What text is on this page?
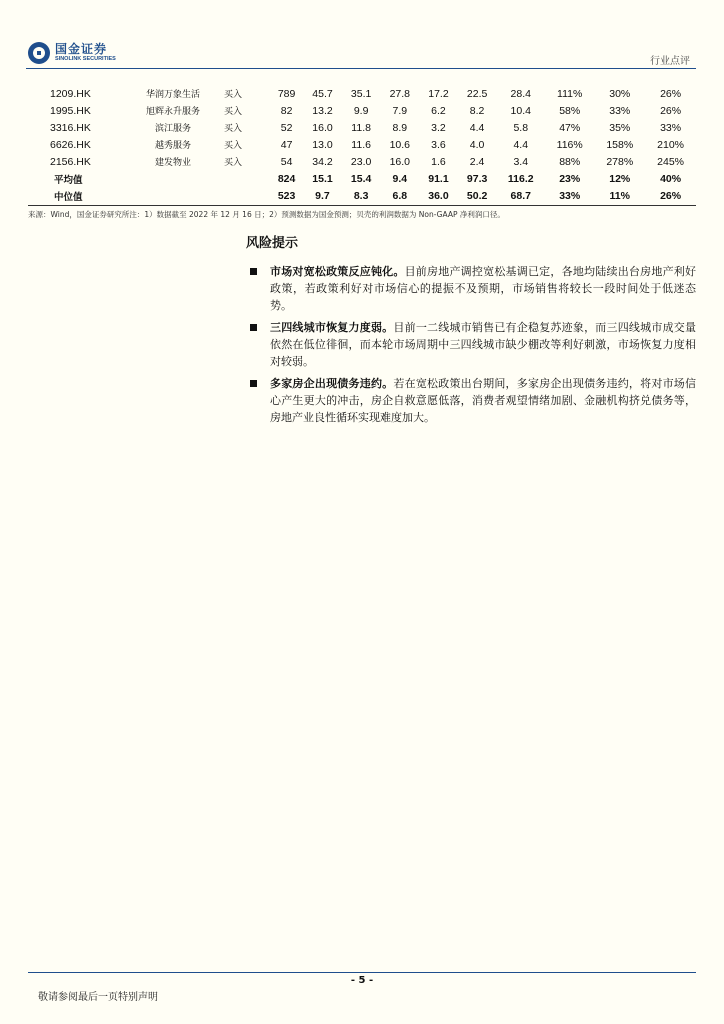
国金证券
SINOLINK SECURITIES	行业点评
1209.HK	华润万象生活	买入	789	45.7	35.1	27.8	17.2	22.5	28.4	111%	30%	26%
1995.HK	旭辉永升服务	买入	82	13.2	9.9	7.9	6.2	8.2	10.4	58%	33%	26%
3316.HK	滨江服务	买入	52	16.0	11.8	8.9	3.2	4.4	5.8	47%	35%	33%
6626.HK	越秀服务	买入	47	13.0	11.6	10.6	3.6	4.0	4.4	116%	158%	210%
2156.HK	建发物业	买入	54	34.2	23.0	16.0	1.6	2.4	3.4	88%	278%	245%
平均值			824	15.1	15.4	9.4	91.1	97.3	116.2	23%	12%	40%
中位值			523	9.7	8.3	6.8	36.0	50.2	68.7	33%	11%	26%
来源：Wind，国金证券研究所注：1）数据截至 2022 年 12 月 16 日；2）预测数据为国金预测；贝壳的利润数据为 Non-GAAP 净利润口径。
风险提示
市场对宽松政策反应钝化。目前房地产调控宽松基调已定，各地均陆续出台房地产利好政策，若政策利好对市场信心的提振不及预期，市场销售将较长一段时间处于低迷态势。
三四线城市恢复力度弱。目前一二线城市销售已有企稳复苏迹象，而三四线城市成交量依然在低位徘徊，而本轮市场周期中三四线城市缺少棚改等利好刺激，市场恢复力度相对较弱。
多家房企出现债务违约。若在宽松政策出台期间，多家房企出现债务违约，将对市场信心产生更大的冲击，房企自救意愿低落，消费者观望情绪加剧、金融机构挤兑债务等，房地产业良性循环实现难度加大。
- 5 -
敬请参阅最后一页特别声明
